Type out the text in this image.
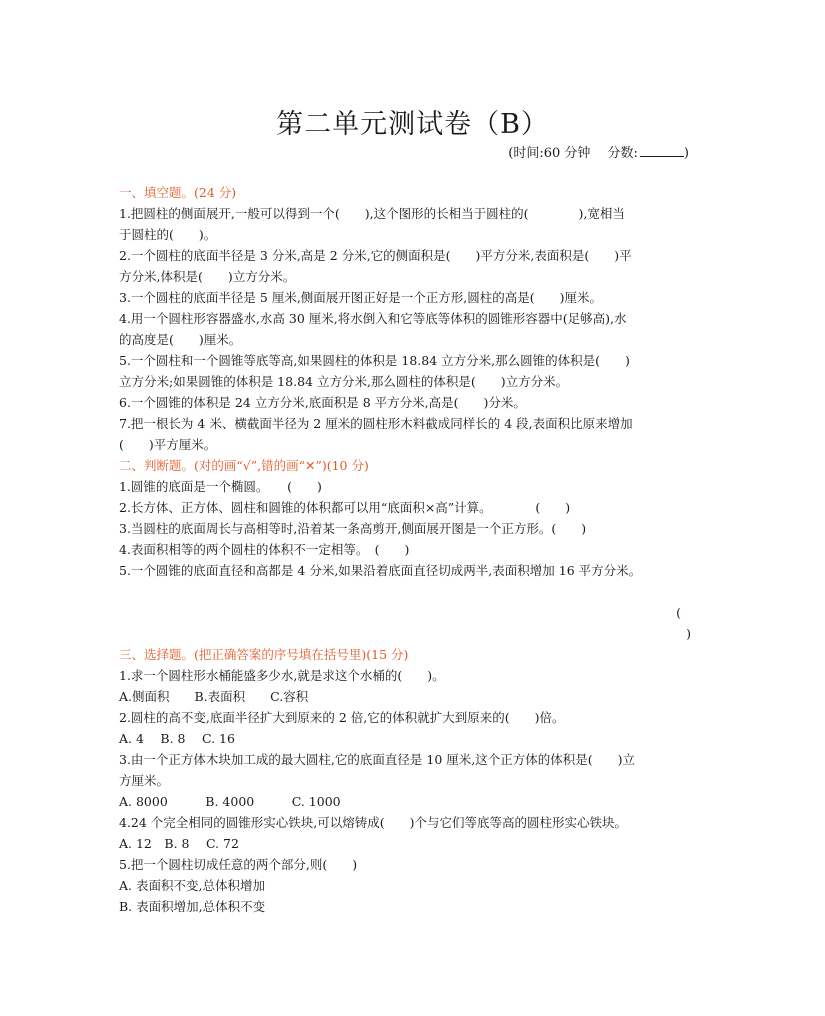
第二单元测试卷（B）
(时间:60 分钟　 分数:	)
一、填空题。(24 分)
1.把圆柱的侧面展开,一般可以得到一个(　　),这个图形的长相当于圆柱的(　　　　),宽相当
于圆柱的(　　)。
2.一个圆柱的底面半径是 3 分米,高是 2 分米,它的侧面积是(　　)平方分米,表面积是(　　)平
方分米,体积是(　　)立方分米。
3.一个圆柱的底面半径是 5 厘米,侧面展开图正好是一个正方形,圆柱的高是(　　)厘米。
4.用一个圆柱形容器盛水,水高 30 厘米,将水倒入和它等底等体积的圆锥形容器中(足够高),水
的高度是(　　)厘米。
5.一个圆柱和一个圆锥等底等高,如果圆柱的体积是 18.84 立方分米,那么圆锥的体积是(　　)
立方分米;如果圆锥的体积是 18.84 立方分米,那么圆柱的体积是(　　)立方分米。
6.一个圆锥的体积是 24 立方分米,底面积是 8 平方分米,高是(　　)分米。
7.把一根长为 4 米、横截面半径为 2 厘米的圆柱形木料截成同样长的 4 段,表面积比原来增加
(　　)平方厘米。
二、判断题。(对的画“√”,错的画“✕”)(10 分)
1.圆锥的底面是一个椭圆。　　(　　)
2.长方体、正方体、圆柱和圆锥的体积都可以用“底面积×高”计算。　　　　(　　)
3.当圆柱的底面周长与高相等时,沿着某一条高剪开,侧面展开图是一个正方形。(　　)
4.表面积相等的两个圆柱的体积不一定相等。　(　　)
5.一个圆锥的底面直径和高都是 4 分米,如果沿着底面直径切成两半,表面积增加 16 平方分米。
(
)
三、选择题。(把正确答案的序号填在括号里)(15 分)
1.求一个圆柱形水桶能盛多少水,就是求这个水桶的(　　)。
A.侧面积　　B.表面积　　C.容积
2.圆柱的高不变,底面半径扩大到原来的 2 倍,它的体积就扩大到原来的(　　)倍。
A. 4　 B. 8　 C. 16
3.由一个正方体木块加工成的最大圆柱,它的底面直径是 10 厘米,这个正方体的体积是(　　)立
方厘米。
A. 8000　　　B. 4000　　　C. 1000
4.24 个完全相同的圆锥形实心铁块,可以熔铸成(　　)个与它们等底等高的圆柱形实心铁块。
A. 12　B. 8　 C. 72
5.把一个圆柱切成任意的两个部分,则(　　)
A. 表面积不变,总体积增加
B. 表面积增加,总体积不变
